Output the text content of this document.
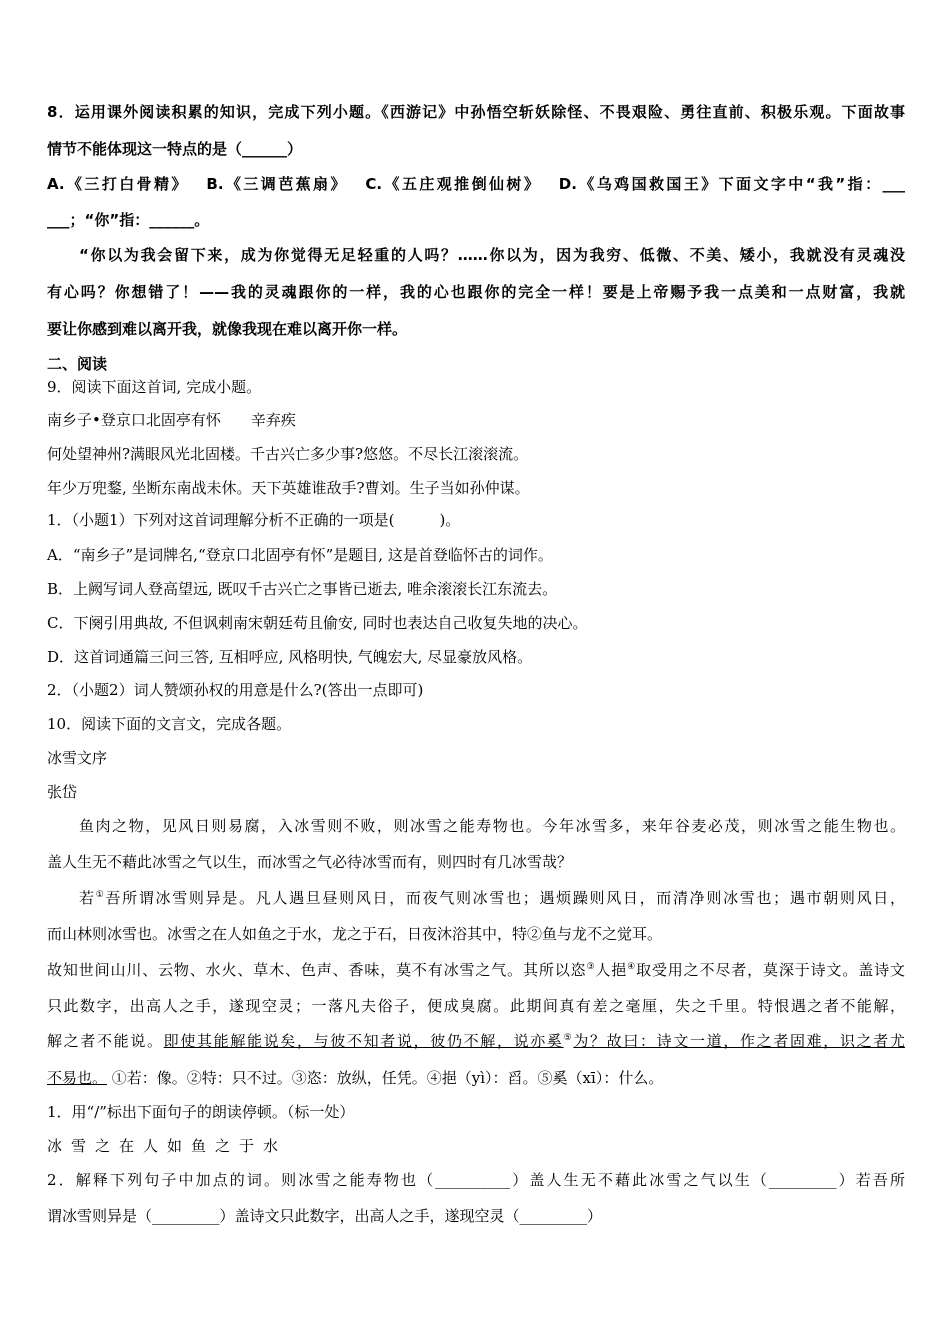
8．运用课外阅读积累的知识，完成下列小题。《西游记》中孙悟空斩妖除怪、不畏艰险、勇往直前、积极乐观。下面故事
情节不能体现这一特点的是（______）
A.《三打白骨精》　 B.《三调芭蕉扇》　 C.《五庄观推倒仙树》　 D.《乌鸡国救国王》下面文字中“我”指：___
___；“你”指：______。
“你以为我会留下来，成为你觉得无足轻重的人吗？……你以为，因为我穷、低微、不美、矮小，我就没有灵魂没
有心吗？你想错了！——我的灵魂跟你的一样，我的心也跟你的完全一样！要是上帝赐予我一点美和一点财富，我就
要让你感到难以离开我，就像我现在难以离开你一样。
二、阅读
9．阅读下面这首词, 完成小题。
南乡子•登京口北固亭有怀　　辛弃疾
何处望神州?满眼风光北固楼。千古兴亡多少事?悠悠。不尽长江滚滚流。
年少万兜鍪, 坐断东南战未休。天下英雄谁敌手?曹刘。生子当如孙仲谋。
1．（小题1）下列对这首词理解分析不正确的一项是(　　　)。
A．“南乡子”是词牌名,“登京口北固亭有怀”是题目, 这是首登临怀古的词作。
B．上阙写词人登高望远, 既叹千古兴亡之事皆已逝去, 唯余滚滚长江东流去。
C．下阕引用典故, 不但讽刺南宋朝廷苟且偷安, 同时也表达自己收复失地的决心。
D．这首词通篇三问三答, 互相呼应, 风格明快, 气魄宏大, 尽显豪放风格。
2．（小题2）词人赞颂孙权的用意是什么?(答出一点即可)
10．阅读下面的文言文，完成各题。
冰雪文序
张岱
鱼肉之物，见风日则易腐，入冰雪则不败，则冰雪之能寿物也。今年冰雪多，来年谷麦必茂，则冰雪之能生物也。
盖人生无不藉此冰雪之气以生，而冰雪之气必待冰雪而有，则四时有几冰雪哉？
若①吾所谓冰雪则异是。凡人遇旦昼则风日，而夜气则冰雪也；遇烦躁则风日，而清净则冰雪也；遇市朝则风日，
而山林则冰雪也。冰雪之在人如鱼之于水，龙之于石，日夜沐浴其中，特②鱼与龙不之觉耳。
故知世间山川、云物、水火、草木、色声、香味，莫不有冰雪之气。其所以恣③人挹④取受用之不尽者，莫深于诗文。盖诗文
只此数字，出高人之手，遂现空灵；一落凡夫俗子，便成臭腐。此期间真有差之毫厘，失之千里。特恨遇之者不能解，
解之者不能说。即使其能解能说矣，与彼不知者说，彼仍不解，说亦奚⑤为？故曰：诗文一道，作之者固难，识之者尤
不易也。 ①若：像。②特：只不过。③恣：放纵，任凭。④挹（yì）：舀。⑤奚（xī）：什么。
1．用“/”标出下面句子的朗读停顿。（标一处）
冰雪之在人如鱼之于水
2．解释下列句子中加点的词。则冰雪之能寿物也（__________）盖人生无不藉此冰雪之气以生（_________）若吾所
谓冰雪则异是（_________）盖诗文只此数字，出高人之手，遂现空灵（_________）
